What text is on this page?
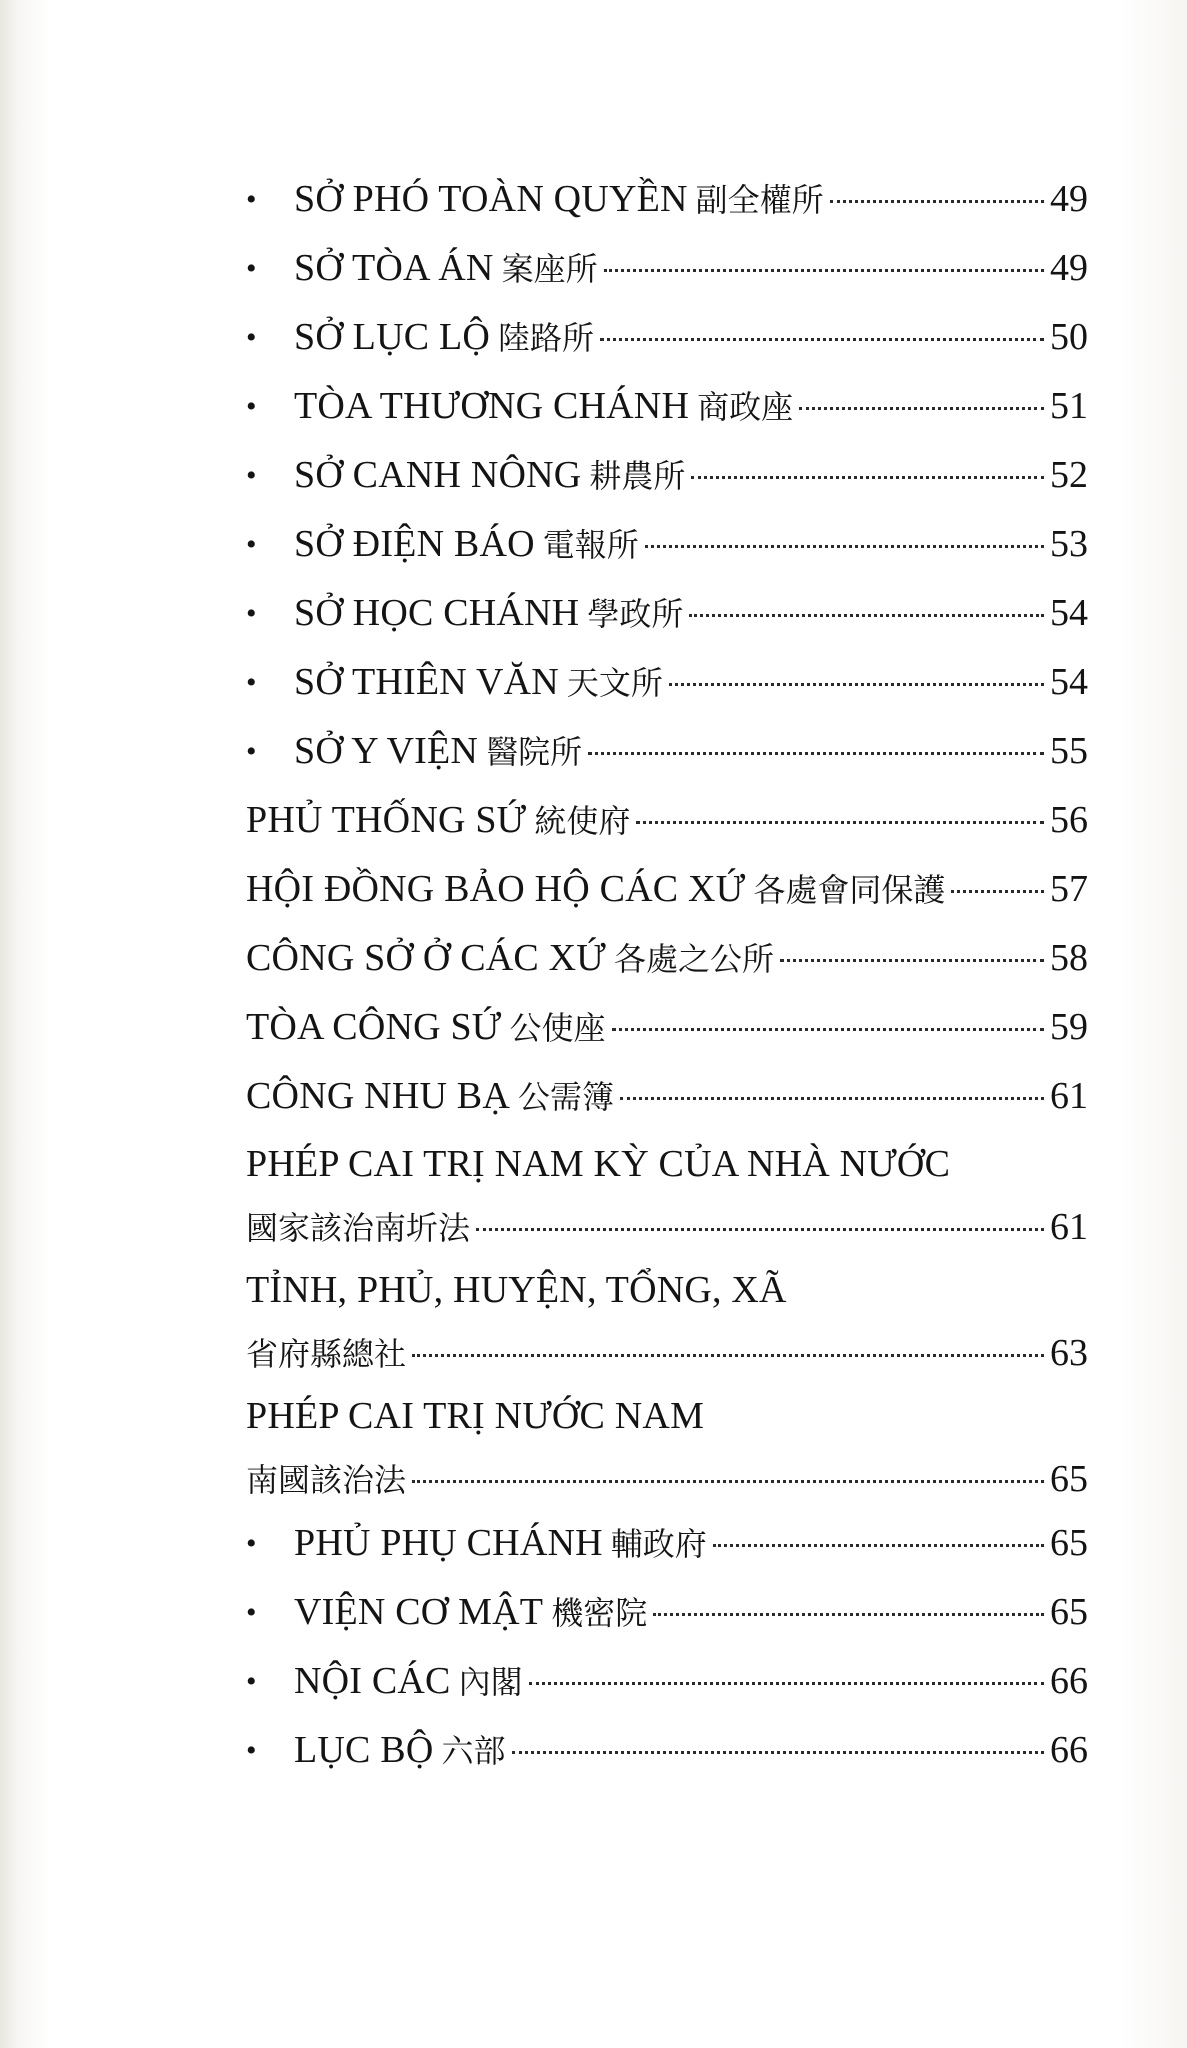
• SỞ PHÓ TOÀN QUYỀN 副全權所	49
• SỞ TÒA ÁN 案座所	49
• SỞ LỤC LỘ 陸路所	50
• TÒA THƯƠNG CHÁNH 商政座	51
• SỞ CANH NÔNG 耕農所	52
• SỞ ĐIỆN BÁO 電報所	53
• SỞ HỌC CHÁNH 學政所	54
• SỞ THIÊN VĂN 天文所	54
• SỞ Y VIỆN 醫院所	55
PHỦ THỐNG SỨ 統使府	56
HỘI ĐỒNG BẢO HỘ CÁC XỨ 各處會同保護	57
CÔNG SỞ Ở CÁC XỨ 各處之公所	58
TÒA CÔNG SỨ 公使座	59
CÔNG NHU BẠ 公需簿	61
PHÉP CAI TRỊ NAM KỲ CỦA NHÀ NƯỚC
國家該治南圻法	61
TỈNH, PHỦ, HUYỆN, TỔNG, XÃ
省府縣總社	63
PHÉP CAI TRỊ NƯỚC NAM
南國該治法	65
• PHỦ PHỤ CHÁNH 輔政府	65
• VIỆN CƠ MẬT 機密院	65
• NỘI CÁC 內閣	66
• LỤC BỘ 六部	66
